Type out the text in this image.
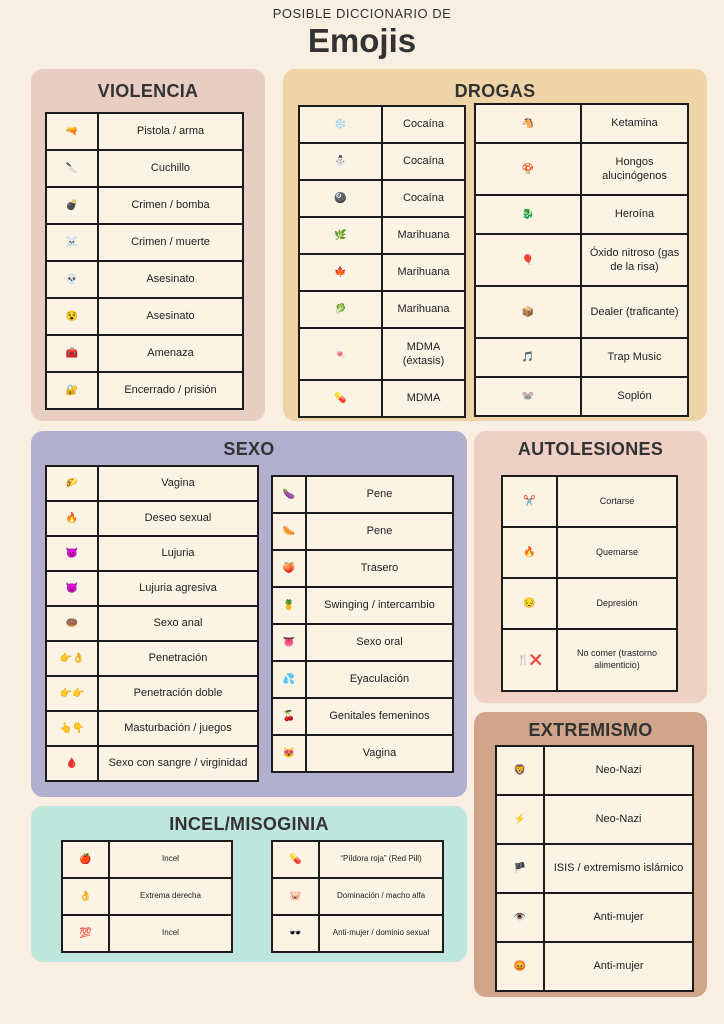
POSIBLE DICCIONARIO DE
Emojis
VIOLENCIA
🔫	Pistola / arma
🔪	Cuchillo
💣	Crimen / bomba
☠️	Crimen / muerte
💀	Asesinato
😵	Asesinato
🧰	Amenaza
🔐	Encerrado / prisión
DROGAS
❄️	Cocaína
⛄	Cocaína
🎱	Cocaína
🌿	Marihuana
🍁	Marihuana
🥬	Marihuana
🍬	MDMA (éxtasis)
💊	MDMA
🐴	Ketamina
🍄	Hongos alucinógenos
🐉	Heroína
🎈	Óxido nitroso (gas de la risa)
📦	Dealer (traficante)
🎵	Trap Music
🐭	Soplón
SEXO
🌮	Vagina
🔥	Deseo sexual
😈	Lujuria
👿	Lujuria agresiva
🍩	Sexo anal
👉👌	Penetración
👉👉	Penetración doble
👆👇	Masturbación / juegos
🩸	Sexo con sangre / virginidad
🍆	Pene
🌭	Pene
🍑	Trasero
🍍	Swinging / intercambio
👅	Sexo oral
💦	Eyaculación
🍒	Genitales femeninos
😻	Vagina
AUTOLESIONES
✂️	Cortarse
🔥	Quemarse
😔	Depresión
🍴❌	No comer (trastorno alimenticio)
EXTREMISMO
🦁	Neo-Nazi
⚡	Neo-Nazi
🏴	ISIS / extremismo islámico
👁️	Anti-mujer
😡	Anti-mujer
INCEL/MISOGINIA
🍎	Incel
👌	Extrema derecha
💯	Incel
💊	“Píldora roja” (Red Pill)
🐷	Dominación / macho alfa
🕶️	Anti-mujer / dominio sexual
